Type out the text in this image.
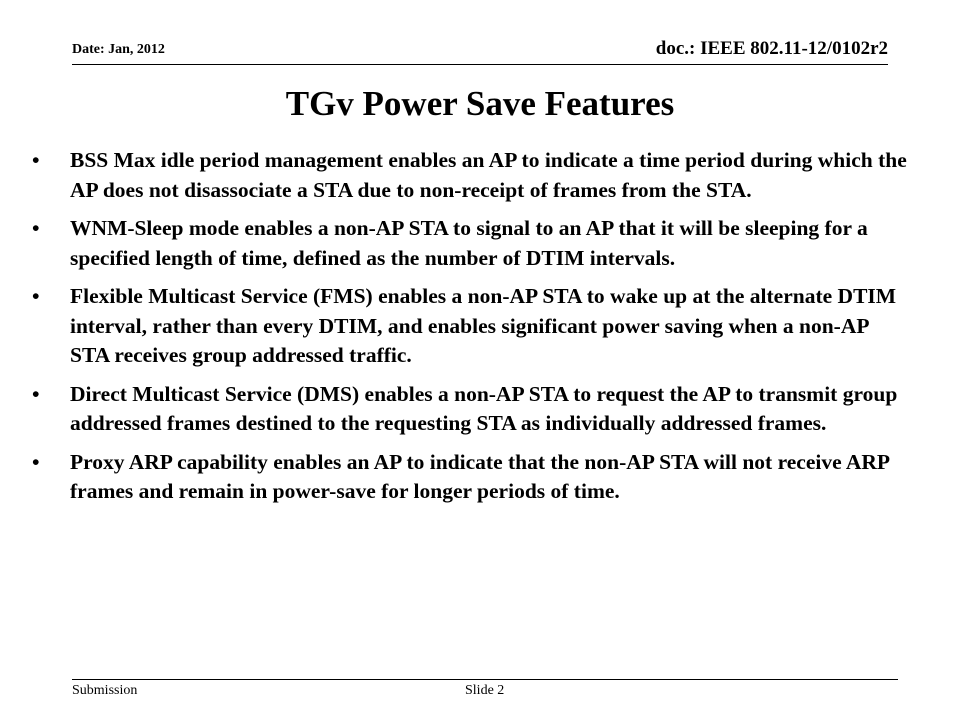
Date: Jan, 2012	doc.: IEEE 802.11-12/0102r2
TGv Power Save Features
•	BSS Max idle period management enables an AP to indicate a time period during which the AP does not disassociate a STA due to non-receipt of frames from the STA.
•	WNM-Sleep mode enables a non-AP STA to signal to an AP that it will be sleeping for a specified length of time, defined as the number of DTIM intervals.
•	Flexible Multicast Service (FMS) enables a non-AP STA to wake up at the alternate DTIM interval, rather than every DTIM, and enables significant power saving when a non-AP STA receives group addressed traffic.
•	Direct Multicast Service (DMS) enables a non-AP STA to request the AP to transmit group addressed frames destined to the requesting STA as individually addressed frames.
•	Proxy ARP capability enables an AP to indicate that the non-AP STA will not receive ARP frames and remain in power-save for longer periods of time.
Submission	Slide 2
